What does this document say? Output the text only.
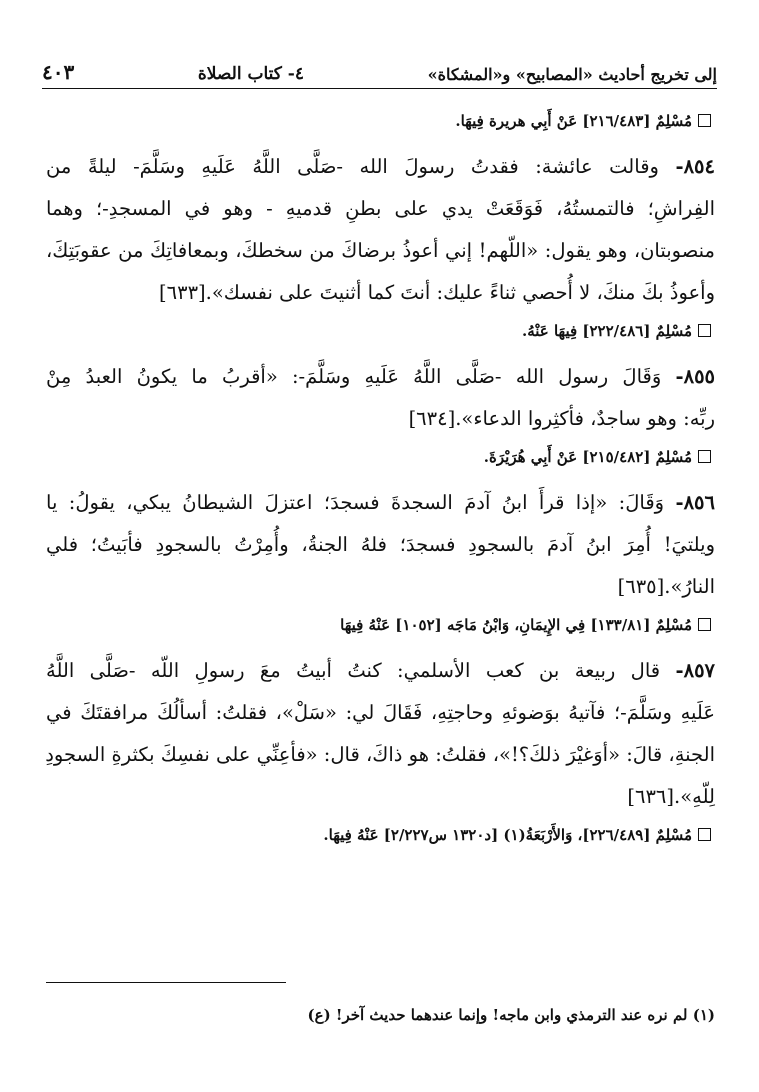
إلى تخريج أحاديث «المصابيح» و«المشكاة»
٤- كتاب الصلاة
٤٠٣
مُسْلِمٌ [٢١٦/٤٨٣] عَنْ أَبِي هريرة فِيهَا.
٨٥٤- وقالت عائشة: فقدتُ رسولَ الله -صَلَّى اللَّهُ عَلَيهِ وسَلَّمَ- ليلةً من
الفِراشِ؛ فالتمستُهُ، فَوَقَعَتْ يدي على بطنِ قدميهِ - وهو في المسجدِ-؛ وهما
منصوبتان، وهو يقول: «اللّهم! إني أعوذُ برضاكَ من سخطكَ، وبمعافاتِكَ من عقوبَتِكَ،
وأعوذُ بكَ منكَ، لا أُحصي ثناءً عليك: أنتَ كما أثنيتَ على نفسك».[٦٣٣]
مُسْلِمٌ [٢٢٢/٤٨٦] فِيهَا عَنْهُ.
٨٥٥- وَقَالَ رسول الله -صَلَّى اللَّهُ عَلَيهِ وسَلَّمَ-: «أقربُ ما يكونُ العبدُ مِنْ
ربِّه: وهو ساجدٌ، فأكثِروا الدعاء».[٦٣٤]
مُسْلِمٌ [٢١٥/٤٨٢] عَنْ أَبِي هُرَيْرَةَ.
٨٥٦- وَقَالَ: «إذا قرأَ ابنُ آدمَ السجدةَ فسجدَ؛ اعتزلَ الشيطانُ يبكي، يقولُ: يا
ويلتيَ! أُمِرَ ابنُ آدمَ بالسجودِ فسجدَ؛ فلهُ الجنةُ، وأُمِرْتُ بالسجودِ فأبَيتُ؛ فلي
النارُ».[٦٣٥]
مُسْلِمٌ [١٣٣/٨١] فِي الإِيمَانِ، وَابْنُ مَاجَه [١٠٥٢] عَنْهُ فِيهَا
٨٥٧- قال ربيعة بن كعب الأسلمي: كنتُ أبيتُ معَ رسولِ اللّه -صَلَّى اللَّهُ
عَلَيهِ وسَلَّمَ-؛ فآتيهُ بوَضوئهِ وحاجتِهِ، فَقَالَ لي: «سَلْ»، فقلتُ: أسألُكَ مرافقتَكَ في
الجنةِ، قالَ: «أوَغيْرَ ذلكَ؟!»، فقلتُ: هو ذاكَ، قال: «فأعِنِّي على نفسِكَ بكثرةِ السجودِ
لِلّهِ».[٦٣٦]
مُسْلِمٌ [٢٢٦/٤٨٩]، وَالأَرْبَعَةُ(١) [د١٣٢٠ س٢/٢٢٧] عَنْهُ فِيهَا.
(١) لم نره عند الترمذي وابن ماجه! وإنما عندهما حديث آخر! (ع)
